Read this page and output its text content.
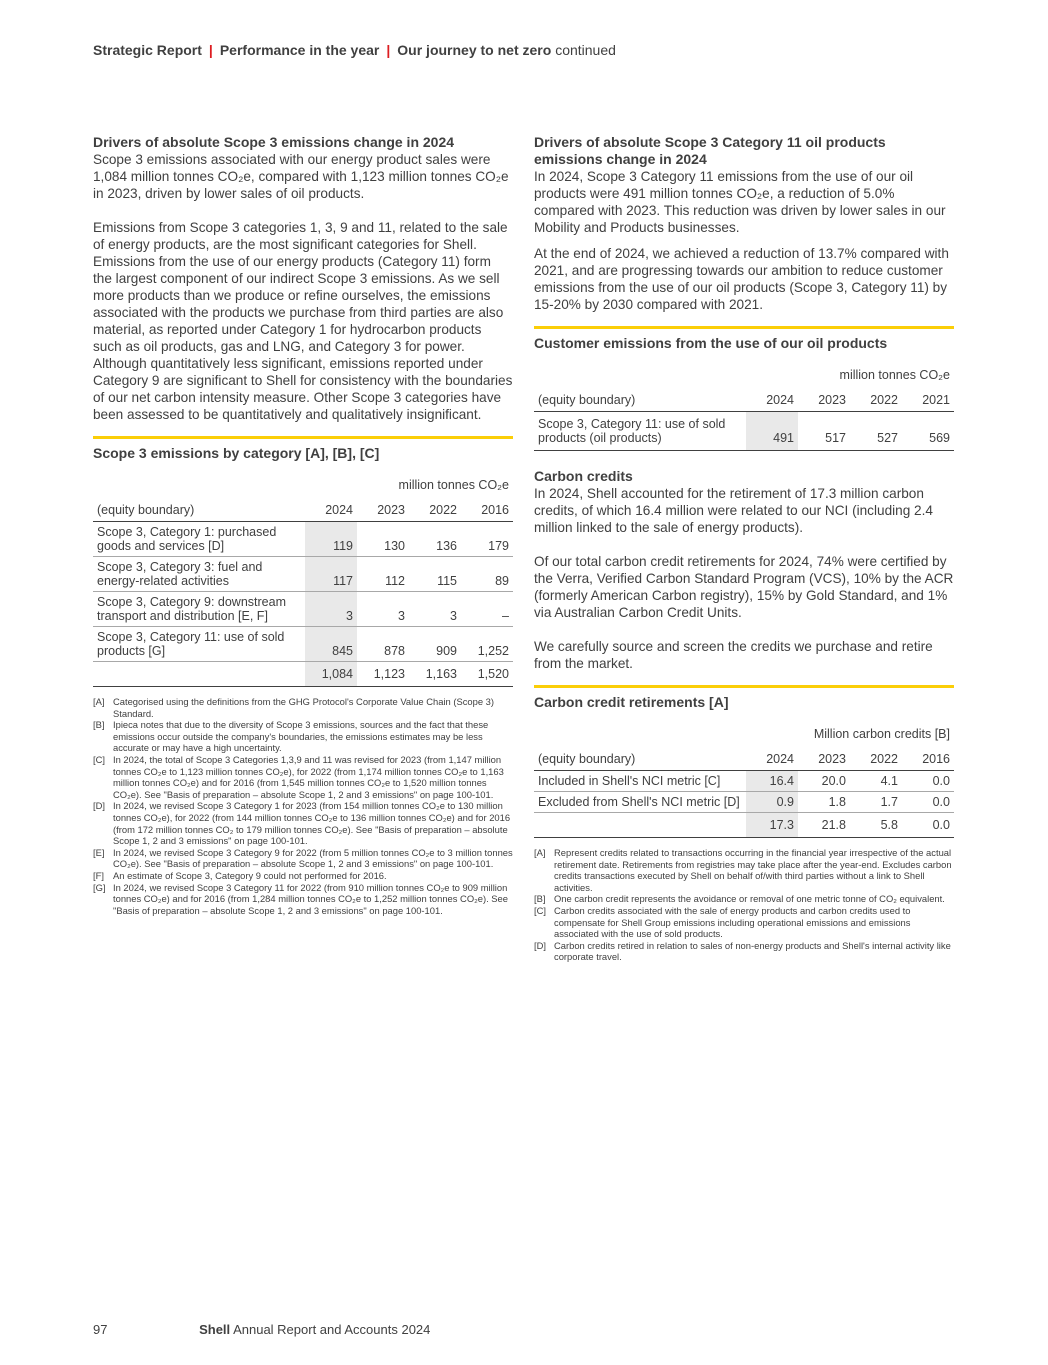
Strategic Report | Performance in the year | Our journey to net zero continued
Drivers of absolute Scope 3 emissions change in 2024

Scope 3 emissions associated with our energy product sales were 1,084 million tonnes CO₂e, compared with 1,123 million tonnes CO₂e in 2023, driven by lower sales of oil products.

Emissions from Scope 3 categories 1, 3, 9 and 11, related to the sale of energy products, are the most significant categories for Shell. Emissions from the use of our energy products (Category 11) form the largest component of our indirect Scope 3 emissions. As we sell more products than we produce or refine ourselves, the emissions associated with the products we purchase from third parties are also material, as reported under Category 1 for hydrocarbon products such as oil products, gas and LNG, and Category 3 for power. Although quantitatively less significant, emissions reported under Category 9 are significant to Shell for consistency with the boundaries of our net carbon intensity measure. Other Scope 3 categories have been assessed to be quantitatively and qualitatively insignificant.

Scope 3 emissions by category [A], [B], [C]
million tonnes CO₂e				
(equity boundary)	2024	2023	2022	2016
Scope 3, Category 1: purchased goods and services [D]	119	130	136	179
Scope 3, Category 3: fuel and energy-related activities	117	112	115	89
Scope 3, Category 9: downstream transport and distribution [E, F]	3	3	3	–
Scope 3, Category 11: use of sold products [G]	845	878	909	1,252
	1,084	1,123	1,163	1,520
[A] Categorised using the definitions from the GHG Protocol's Corporate Value Chain (Scope 3) Standard.
[B] Ipieca notes that due to the diversity of Scope 3 emissions, sources and the fact that these emissions occur outside the company's boundaries, the emissions estimates may be less accurate or may have a high uncertainty.
[C] In 2024, the total of Scope 3 Categories 1,3,9 and 11 was revised for 2023 (from 1,147 million tonnes CO₂e to 1,123 million tonnes CO₂e), for 2022 (from 1,174 million tonnes CO₂e to 1,163 million tonnes CO₂e) and for 2016 (from 1,545 million tonnes CO₂e to 1,520 million tonnes CO₂e). See "Basis of preparation – absolute Scope 1, 2 and 3 emissions" on page 100-101.
[D] In 2024, we revised Scope 3 Category 1 for 2023 (from 154 million tonnes CO₂e to 130 million tonnes CO₂e), for 2022 (from 144 million tonnes CO₂e to 136 million tonnes CO₂e) and for 2016 (from 172 million tonnes CO₂ to 179 million tonnes CO₂e). See "Basis of preparation – absolute Scope 1, 2 and 3 emissions" on page 100-101.
[E] In 2024, we revised Scope 3 Category 9 for 2022 (from 5 million tonnes CO₂e to 3 million tonnes CO₂e). See "Basis of preparation – absolute Scope 1, 2 and 3 emissions" on page 100-101.
[F] An estimate of Scope 3, Category 9 could not performed for 2016.
[G] In 2024, we revised Scope 3 Category 11 for 2022 (from 910 million tonnes CO₂e to 909 million tonnes CO₂e) and for 2016 (from 1,284 million tonnes CO₂e to 1,252 million tonnes CO₂e). See "Basis of preparation – absolute Scope 1, 2 and 3 emissions" on page 100-101.
Drivers of absolute Scope 3 Category 11 oil products emissions change in 2024

In 2024, Scope 3 Category 11 emissions from the use of our oil products were 491 million tonnes CO₂e, a reduction of 5.0% compared with 2023. This reduction was driven by lower sales in our Mobility and Products businesses.

At the end of 2024, we achieved a reduction of 13.7% compared with 2021, and are progressing towards our ambition to reduce customer emissions from the use of our oil products (Scope 3, Category 11) by 15-20% by 2030 compared with 2021.

Customer emissions from the use of our oil products
million tonnes CO₂e				
(equity boundary)	2024	2023	2022	2021
Scope 3, Category 11: use of sold products (oil products)	491	517	527	569
Carbon credits

In 2024, Shell accounted for the retirement of 17.3 million carbon credits, of which 16.4 million were related to our NCI (including 2.4 million linked to the sale of energy products).

Of our total carbon credit retirements for 2024, 74% were certified by the Verra, Verified Carbon Standard Program (VCS), 10% by the ACR (formerly American Carbon registry), 15% by Gold Standard, and 1% via Australian Carbon Credit Units.

We carefully source and screen the credits we purchase and retire from the market.

Carbon credit retirements [A]
Million carbon credits [B]				
(equity boundary)	2024	2023	2022	2016
Included in Shell's NCI metric [C]	16.4	20.0	4.1	0.0
Excluded from Shell's NCI metric [D]	0.9	1.8	1.7	0.0
	17.3	21.8	5.8	0.0
[A] Represent credits related to transactions occurring in the financial year irrespective of the actual retirement date. Retirements from registries may take place after the year-end. Excludes carbon credits transactions executed by Shell on behalf of/with third parties without a link to Shell activities.
[B] One carbon credit represents the avoidance or removal of one metric tonne of CO₂ equivalent.
[C] Carbon credits associated with the sale of energy products and carbon credits used to compensate for Shell Group emissions including operational emissions and emissions associated with the use of sold products.
[D] Carbon credits retired in relation to sales of non-energy products and Shell's internal activity like corporate travel.
97	Shell Annual Report and Accounts 2024
